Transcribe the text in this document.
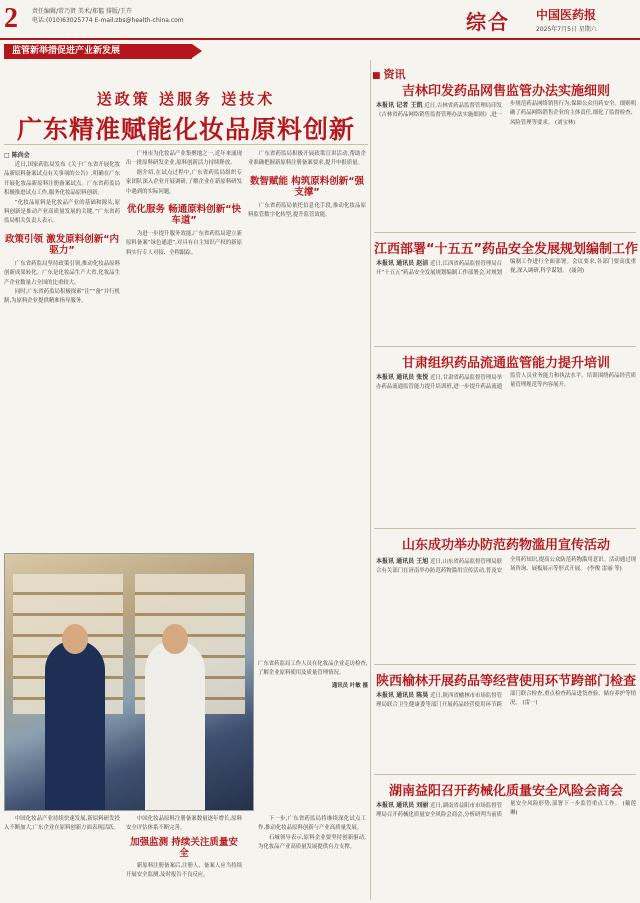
2 责任编辑/常乃贤 美术/郑韫 排版/王卉
电话:(010)63025774 E-mail:zbs@health-china.com	综合 中国医药报
2025年7月5日 星期六
监管新举措促进产业新发展
送政策 送服务 送技术
广东精准赋能化妆品原料创新
□ 陈尚会

近日,国家药监局发布《关于广东省开展化妆品新原料备案试点有关事项的公告》,明确在广东开展化妆品新原料注册备案试点。广东省药监局积极推进试点工作,服务化妆品原料创新。

“化妆品原料是化妆品产业的基础和源头,原料创新是推动产业高质量发展的关键。”广东省药监局相关负责人表示。

政策引领 激发原料创新“内驱力”

广东省药监局坚持政策引领,推动化妆品原料创新成果转化。广东是化妆品生产大省,化妆品生产企业数量占全国的比重较大。

同时,广东省药监局积极探索“注”“备”并行机制,为原料企业提供精准指导服务。

广州市为化妆品产业集聚地之一,近年来涌现出一批原料研发企业,原料创新活力持续释放。

据介绍,在试点过程中,广东省药监局组织专家团队深入企业开展调研,了解企业在新原料研发中遇到的实际问题。

优化服务 畅通原料创新“快车道”

为进一步提升服务效能,广东省药监局建立新原料备案“绿色通道”,对具有自主知识产权的新原料实行专人对接、全程跟踪。

广东省药监局积极开展政策宣讲活动,帮助企业准确把握新原料注册备案要求,提升申报质量。

数智赋能 构筑原料创新“强支撑”

广东省药监局依托信息化手段,推动化妆品原料监管数字化转型,提升监管效能。

广东省药监局工作人员在化妆品企业走访检查,了解企业原料使用及质量管理情况。
通讯员 叶敏 摄

中国化妆品产业持续快速发展,新原料研发投入不断加大,广东企业在原料创新方面表现活跃。

中国化妆品原料注册备案数量逐年增长,原料安全评估体系不断完善。

加强监测 持续关注质量安全

新原料注册备案后,注册人、备案人应当持续开展安全监测,及时报告不良反应。

下一步,广东省药监局将继续深化试点工作,推动化妆品原料创新与产业高质量发展。

石城领导表示,原料企业要坚持创新驱动,为化妆品产业高质量发展提供有力支撑。

■ 资讯
吉林印发药品网售监管办法实施细则
本报讯 记者 王凯 近日,吉林省药品监督管理局印发《吉林省药品网络销售监督管理办法实施细则》,进一步规范药品网络销售行为,保障公众用药安全。细则明确了药品网络销售企业的主体责任,细化了监督检查、风险管理等要求。 (刘宝林)
江西部署“十五五”药品安全发展规划编制工作
本报讯 通讯员 赵洁 近日,江西省药品监督管理局召开“十五五”药品安全发展规划编制工作部署会,对规划编制工作进行全面部署。会议要求,各部门要高度重视,深入调研,科学谋划。 (聂剑)
甘肃组织药品流通监管能力提升培训
本报讯 通讯员 张悦 近日,甘肃省药品监督管理局举办药品流通监管能力提升培训班,进一步提升药品流通监管人员业务能力和执法水平。培训围绕药品经营质量管理规范等内容展开。
山东成功举办防范药物滥用宣传活动
本报讯 通讯员 王旭 近日,山东省药品监督管理局联合有关部门在济南举办防范药物滥用宣传活动,普及安全用药知识,提高公众防范药物滥用意识。活动通过现场咨询、展板展示等形式开展。 (李俊 雷丽 等)
陕西榆林开展药品等经营使用环节跨部门检查
本报讯 通讯员 陈昊 近日,陕西省榆林市市场监督管理局联合卫生健康委等部门开展药品经营使用环节跨部门联合检查,重点检查药品进货查验、储存养护等情况。 (雷一)
湖南益阳召开药械化质量安全风险会商会
本报讯 通讯员 刘丽 近日,湖南省益阳市市场监督管理局召开药械化质量安全风险会商会,分析研判当前质量安全风险形势,部署下一步监管重点工作。 (戴莲琳)
